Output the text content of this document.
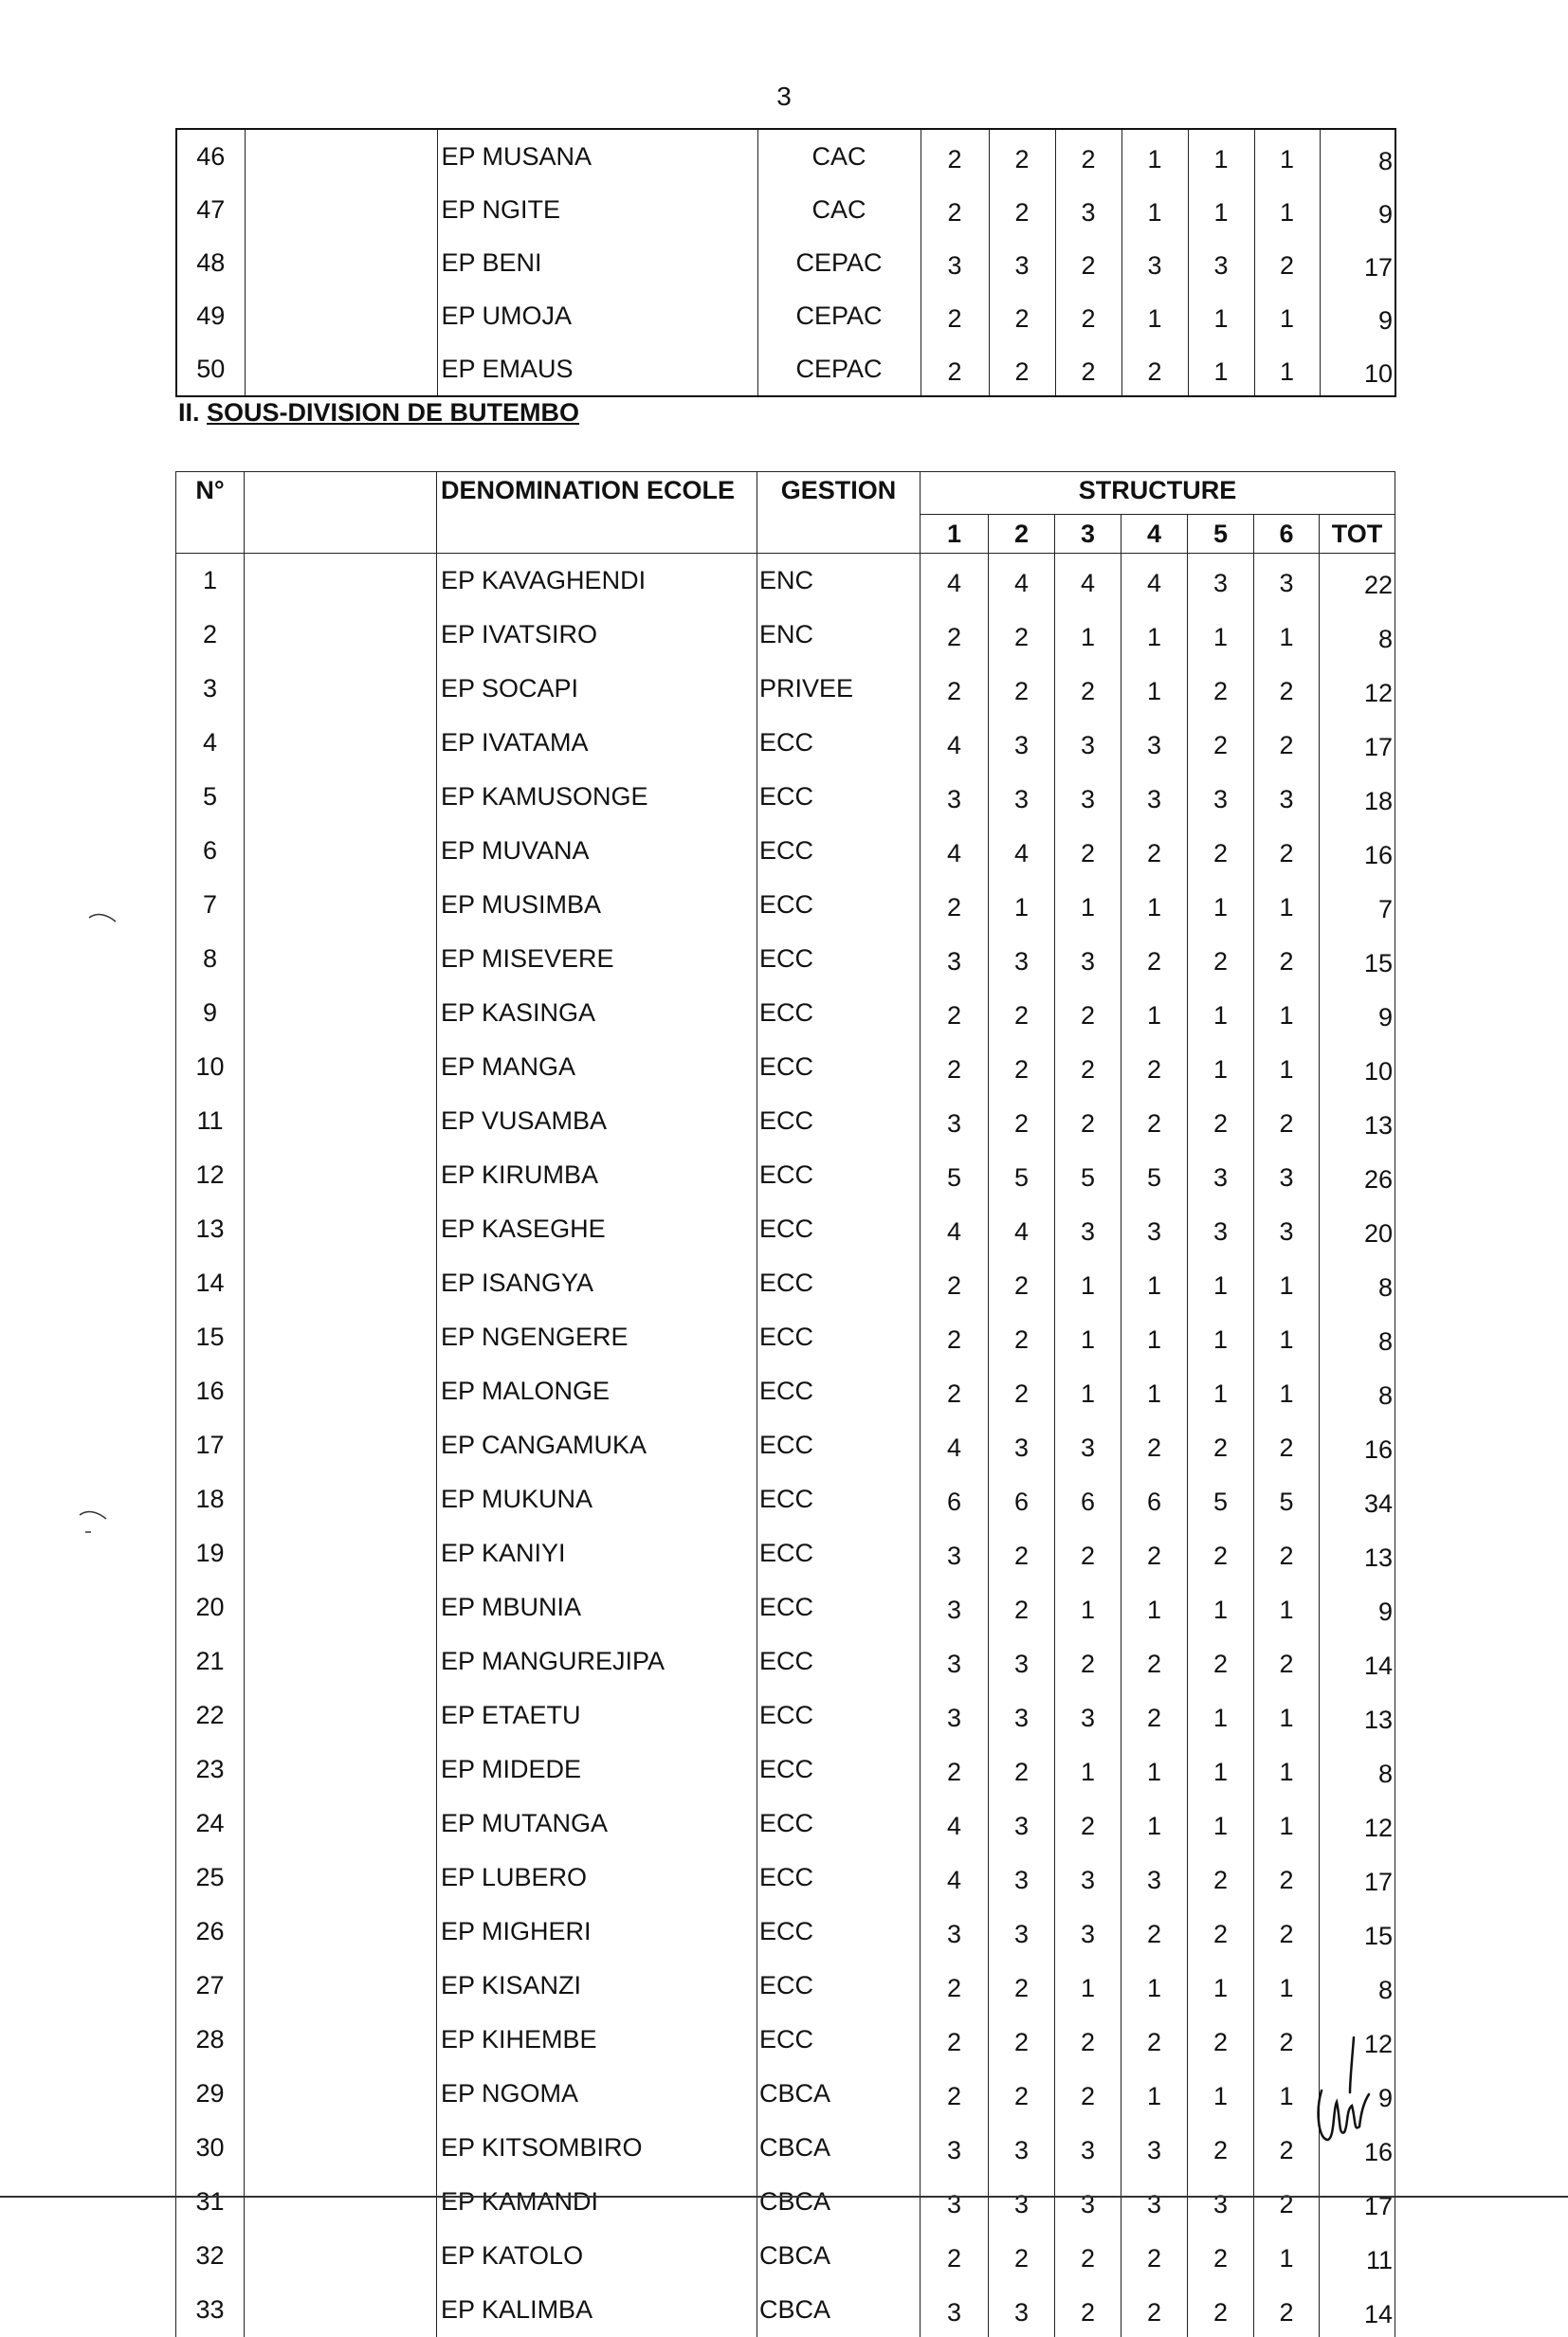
3
46		EP MUSANA	CAC	2	2	2	1	1	1	8
47		EP NGITE	CAC	2	2	3	1	1	1	9
48		EP BENI	CEPAC	3	3	2	3	3	2	17
49		EP UMOJA	CEPAC	2	2	2	1	1	1	9
50		EP EMAUS	CEPAC	2	2	2	2	1	1	10
II. SOUS-DIVISION DE BUTEMBO
N°		DENOMINATION ECOLE	GESTION	STRUCTURE						
				1	2	3	4	5	6	TOT
1		EP KAVAGHENDI	ENC	4	4	4	4	3	3	22
2		EP IVATSIRO	ENC	2	2	1	1	1	1	8
3		EP SOCAPI	PRIVEE	2	2	2	1	2	2	12
4		EP IVATAMA	ECC	4	3	3	3	2	2	17
5		EP KAMUSONGE	ECC	3	3	3	3	3	3	18
6		EP MUVANA	ECC	4	4	2	2	2	2	16
7		EP MUSIMBA	ECC	2	1	1	1	1	1	7
8		EP MISEVERE	ECC	3	3	3	2	2	2	15
9		EP KASINGA	ECC	2	2	2	1	1	1	9
10		EP MANGA	ECC	2	2	2	2	1	1	10
11		EP VUSAMBA	ECC	3	2	2	2	2	2	13
12		EP KIRUMBA	ECC	5	5	5	5	3	3	26
13		EP KASEGHE	ECC	4	4	3	3	3	3	20
14		EP ISANGYA	ECC	2	2	1	1	1	1	8
15		EP NGENGERE	ECC	2	2	1	1	1	1	8
16		EP MALONGE	ECC	2	2	1	1	1	1	8
17		EP CANGAMUKA	ECC	4	3	3	2	2	2	16
18		EP MUKUNA	ECC	6	6	6	6	5	5	34
19		EP KANIYI	ECC	3	2	2	2	2	2	13
20		EP MBUNIA	ECC	3	2	1	1	1	1	9
21		EP MANGUREJIPA	ECC	3	3	2	2	2	2	14
22		EP ETAETU	ECC	3	3	3	2	1	1	13
23		EP MIDEDE	ECC	2	2	1	1	1	1	8
24		EP MUTANGA	ECC	4	3	2	1	1	1	12
25		EP LUBERO	ECC	4	3	3	3	2	2	17
26		EP MIGHERI	ECC	3	3	3	2	2	2	15
27		EP KISANZI	ECC	2	2	1	1	1	1	8
28		EP KIHEMBE	ECC	2	2	2	2	2	2	12
29		EP NGOMA	CBCA	2	2	2	1	1	1	9
30		EP KITSOMBIRO	CBCA	3	3	3	3	2	2	16
31		EP KAMANDI	CBCA	3	3	3	3	3	2	17
32		EP KATOLO	CBCA	2	2	2	2	2	1	11
33		EP KALIMBA	CBCA	3	3	2	2	2	2	14
